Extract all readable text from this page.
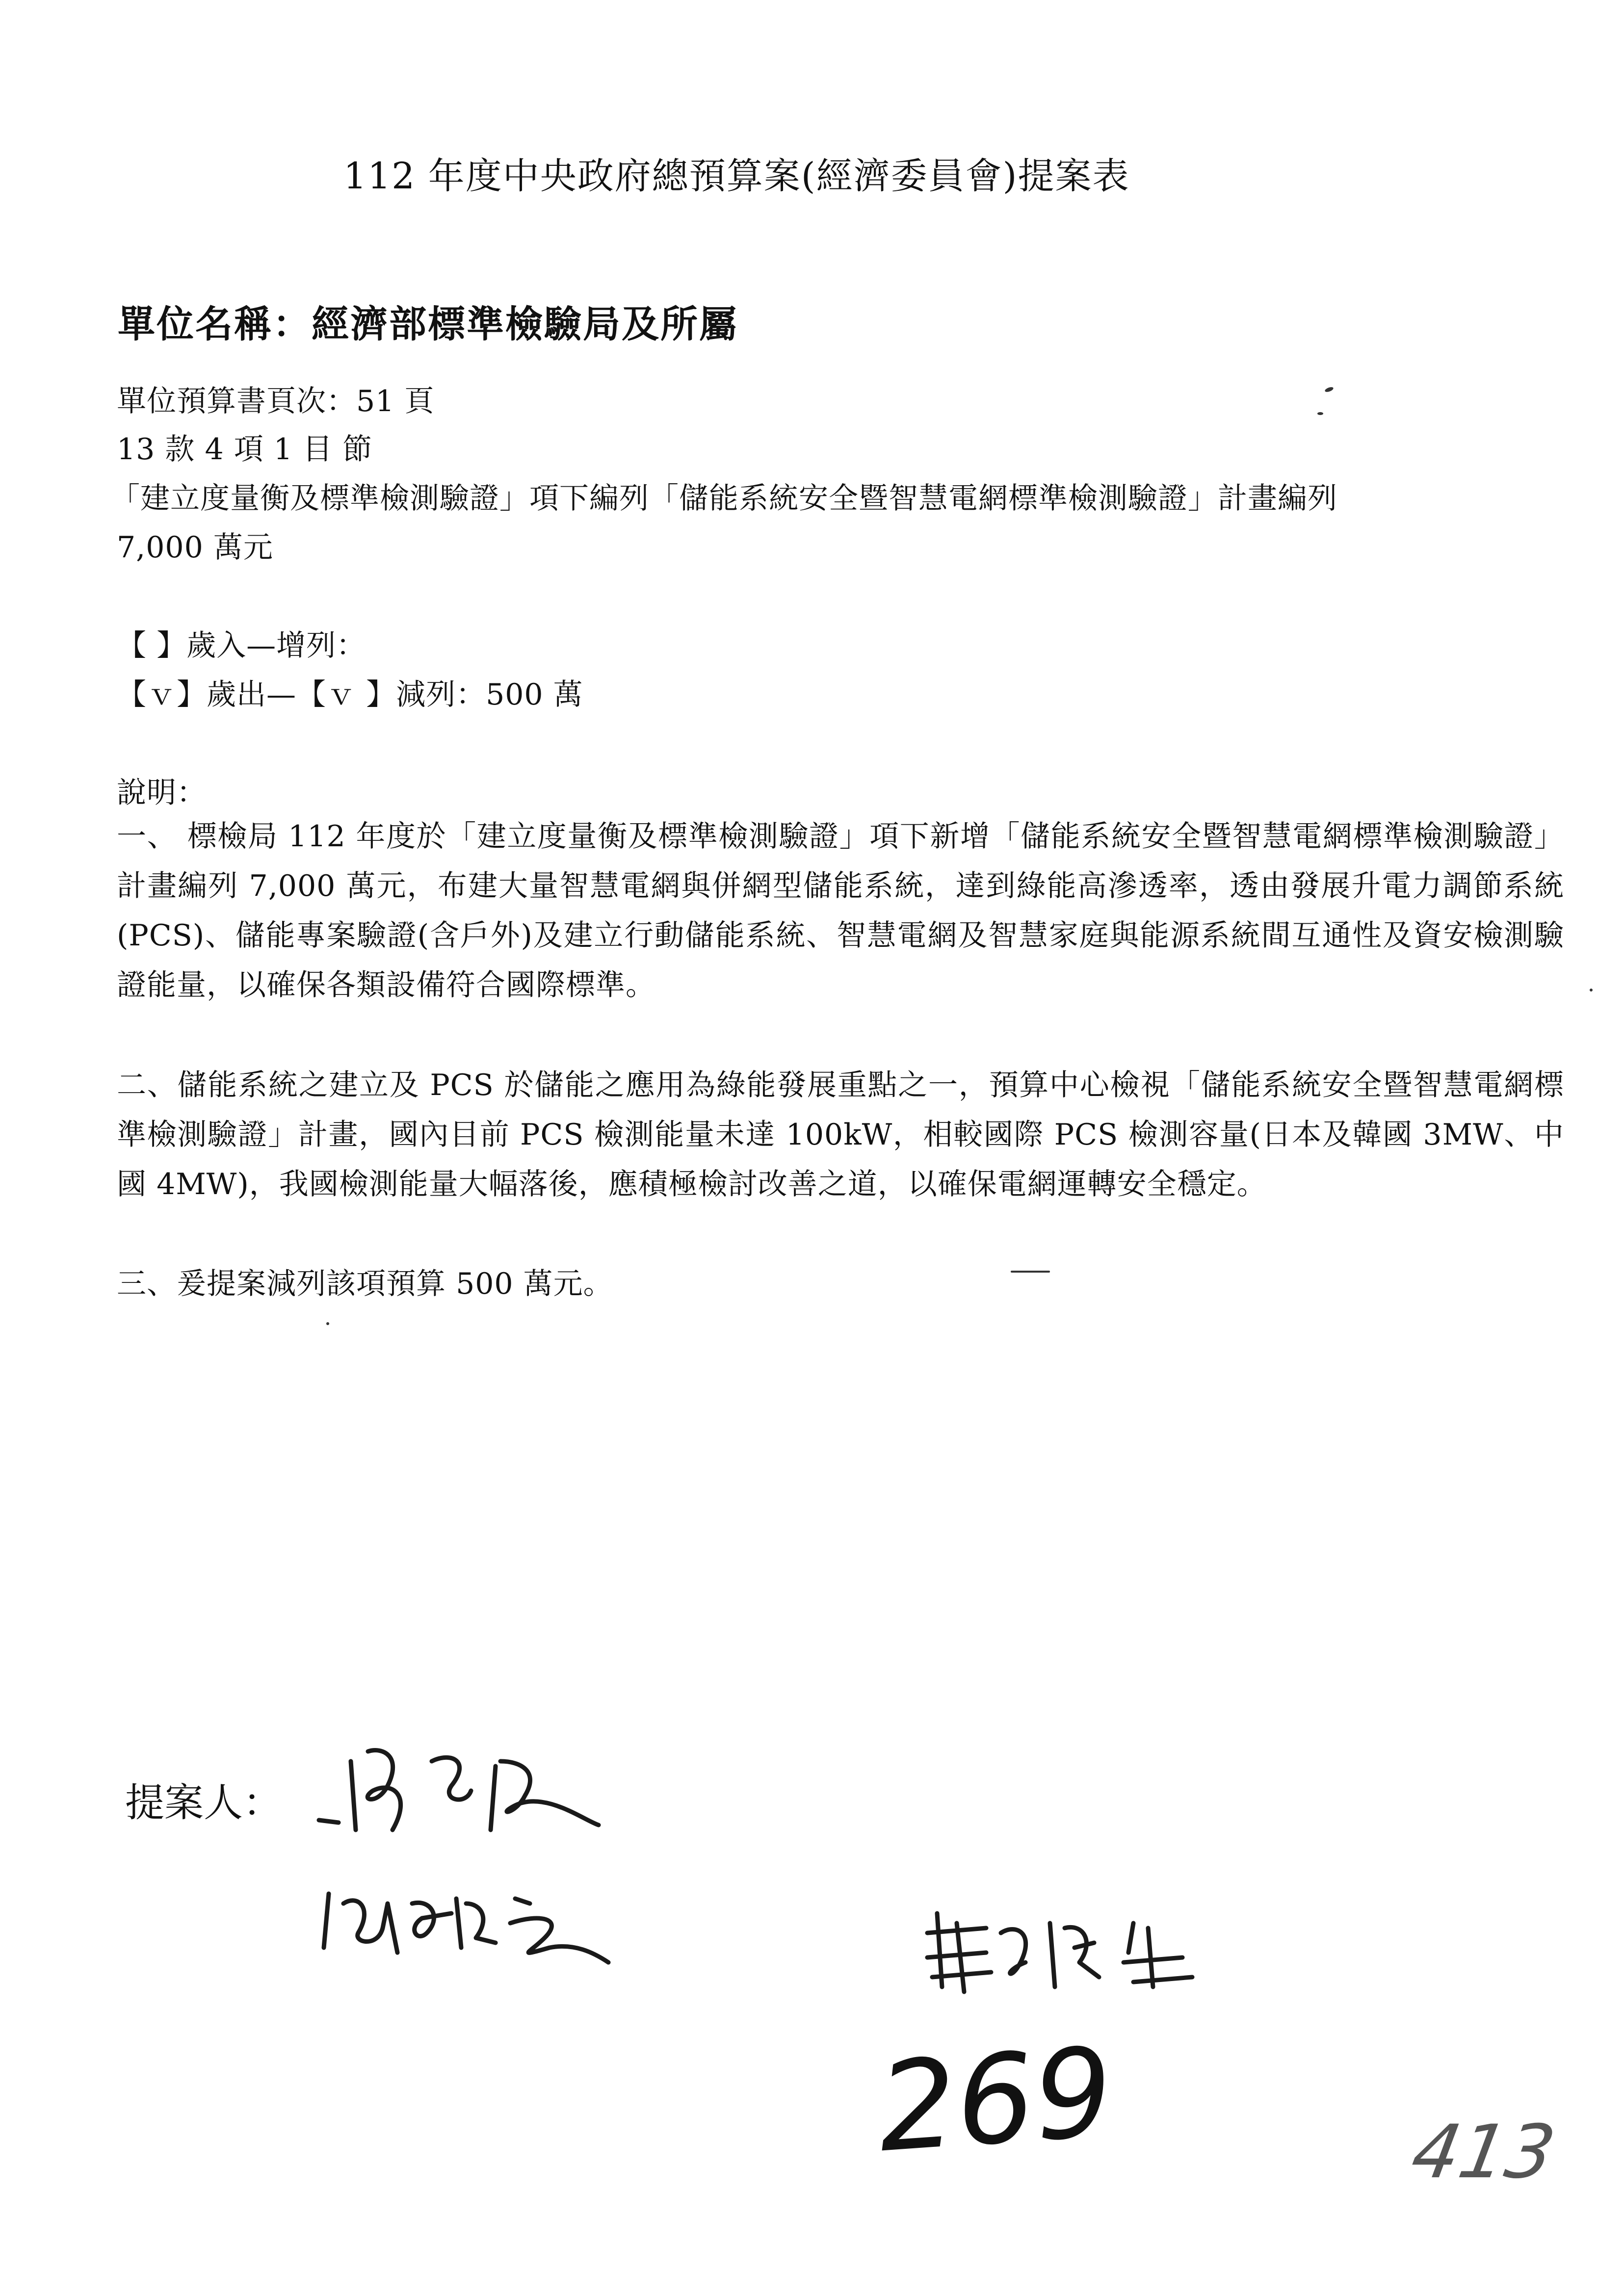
112 年度中央政府總預算案(經濟委員會)提案表
單位名稱：經濟部標準檢驗局及所屬
單位預算書頁次：51 頁
13 款 4 項 1 目 節
「建立度量衡及標準檢測驗證」項下編列「儲能系統安全暨智慧電網標準檢測驗證」計畫編列
7,000 萬元
【 】歲入—增列：
【ｖ】歲出—【ｖ 】減列：500 萬
說明：
一、 標檢局 112 年度於「建立度量衡及標準檢測驗證」項下新增「儲能系統安全暨智慧電網標準檢測驗證」計畫編列 7,000 萬元，布建大量智慧電網與併網型儲能系統，達到綠能高滲透率，透由發展升電力調節系統(PCS)、儲能專案驗證(含戶外)及建立行動儲能系統、智慧電網及智慧家庭與能源系統間互通性及資安檢測驗證能量，以確保各類設備符合國際標準。
二、儲能系統之建立及 PCS 於儲能之應用為綠能發展重點之一，預算中心檢視「儲能系統安全暨智慧電網標準檢測驗證」計畫，國內目前 PCS 檢測能量未達 100kW，相較國際 PCS 檢測容量(日本及韓國 3MW、中國 4MW)，我國檢測能量大幅落後，應積極檢討改善之道，以確保電網運轉安全穩定。
三、爰提案減列該項預算 500 萬元。
提案人：
269	413
